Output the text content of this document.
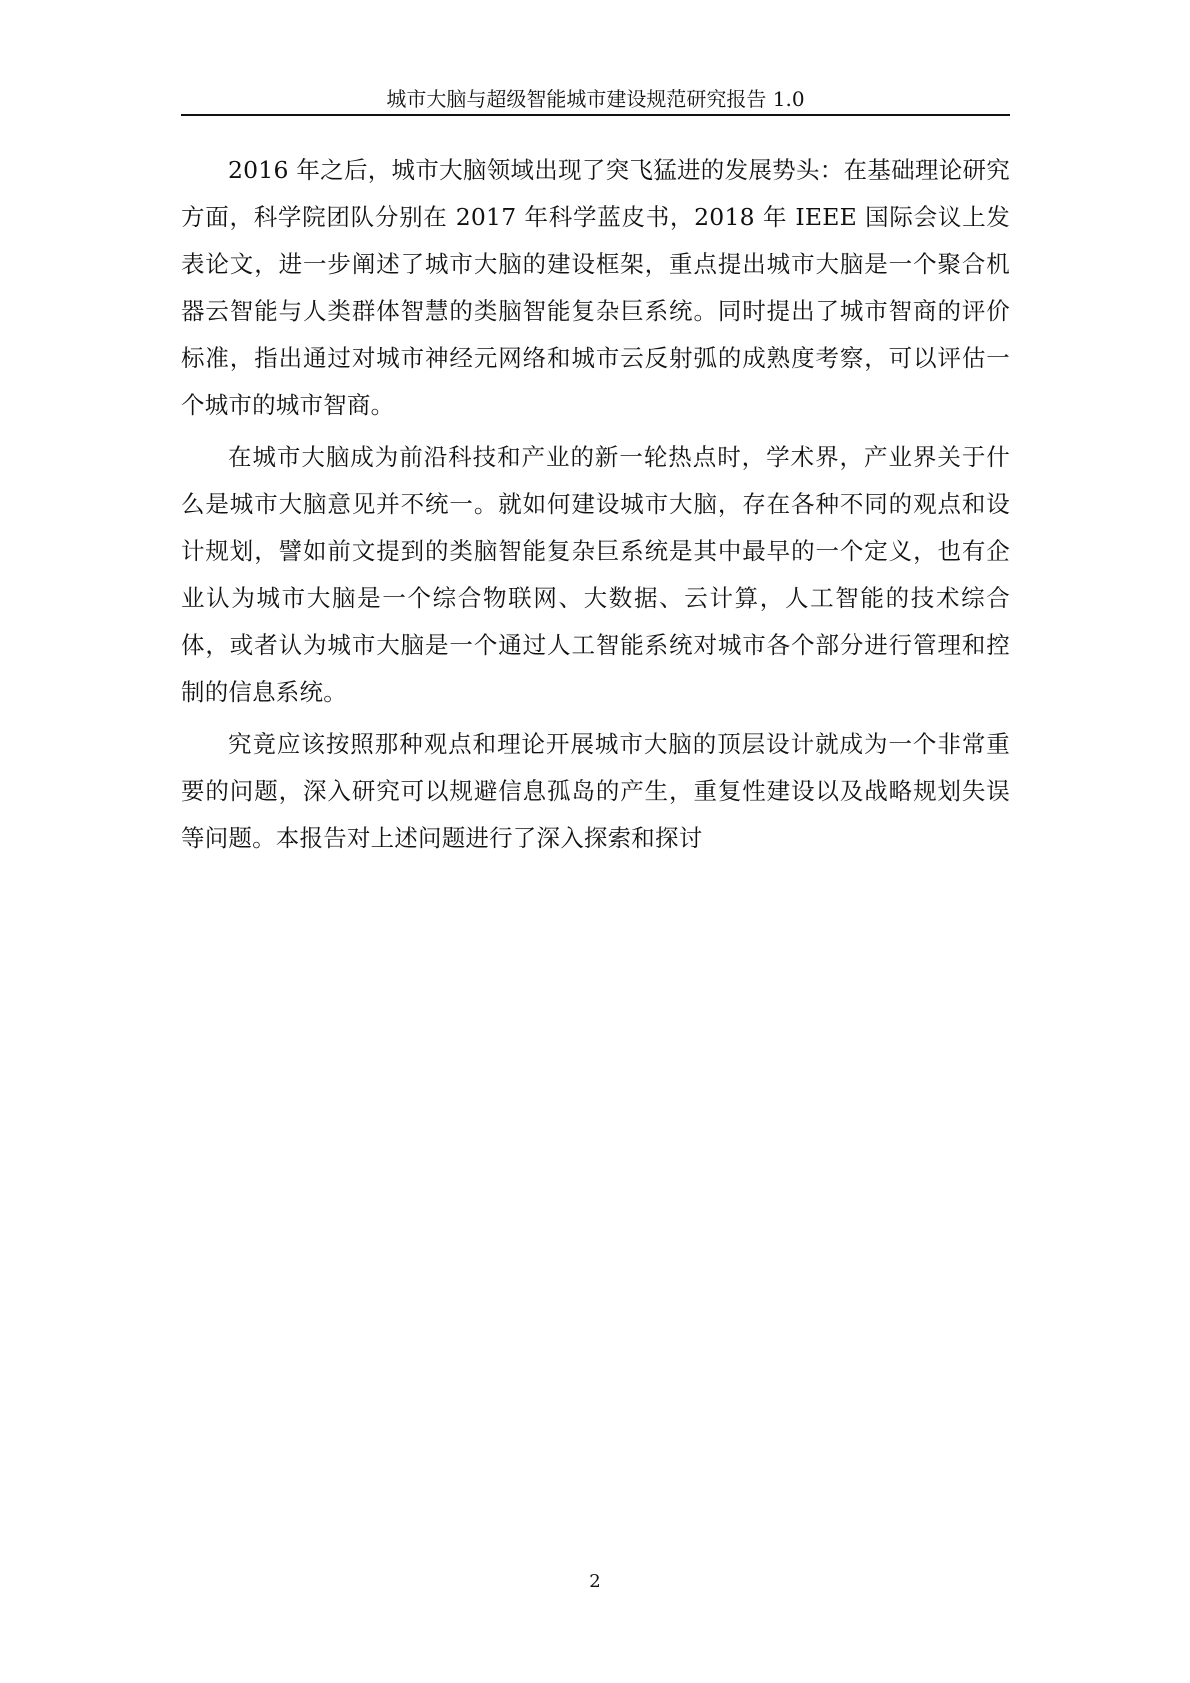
城市大脑与超级智能城市建设规范研究报告 1.0

2016 年之后，城市大脑领域出现了突飞猛进的发展势头：在基础理论研究方面，科学院团队分别在 2017 年科学蓝皮书，2018 年 IEEE 国际会议上发表论文，进一步阐述了城市大脑的建设框架，重点提出城市大脑是一个聚合机器云智能与人类群体智慧的类脑智能复杂巨系统。同时提出了城市智商的评价标准，指出通过对城市神经元网络和城市云反射弧的成熟度考察，可以评估一个城市的城市智商。

在城市大脑成为前沿科技和产业的新一轮热点时，学术界，产业界关于什么是城市大脑意见并不统一。就如何建设城市大脑，存在各种不同的观点和设计规划，譬如前文提到的类脑智能复杂巨系统是其中最早的一个定义，也有企业认为城市大脑是一个综合物联网、大数据、云计算，人工智能的技术综合体，或者认为城市大脑是一个通过人工智能系统对城市各个部分进行管理和控制的信息系统。

究竟应该按照那种观点和理论开展城市大脑的顶层设计就成为一个非常重要的问题，深入研究可以规避信息孤岛的产生，重复性建设以及战略规划失误等问题。本报告对上述问题进行了深入探索和探讨

2
